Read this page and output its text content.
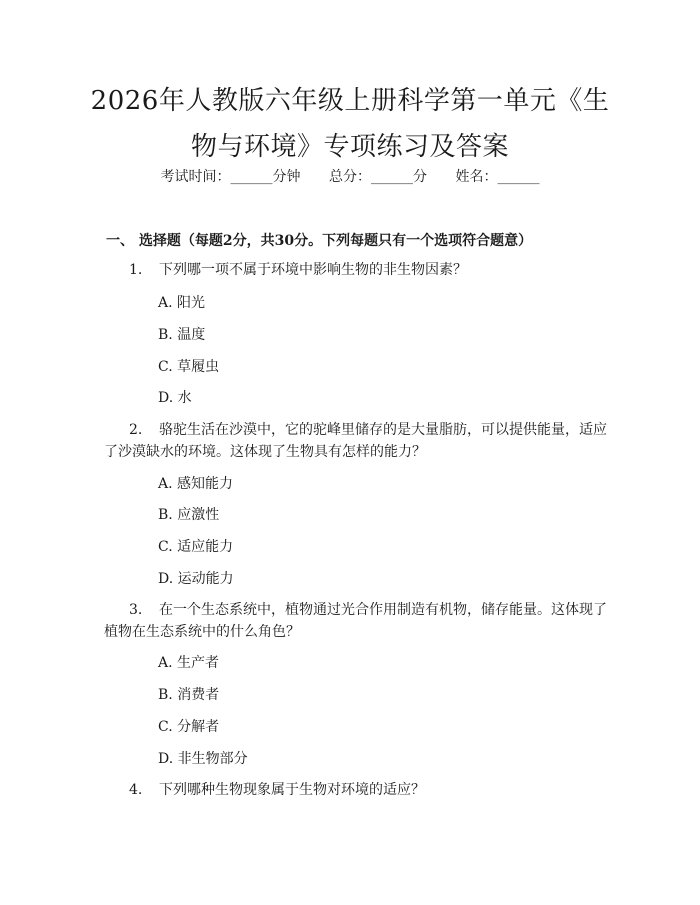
2026年人教版六年级上册科学第一单元《生
物与环境》专项练习及答案
考试时间：______分钟 总分：______分 姓名：______
一、 选择题（每题2分，共30分。下列每题只有一个选项符合题意）
1. 下列哪一项不属于环境中影响生物的非生物因素？
A. 阳光
B. 温度
C. 草履虫
D. 水
2. 骆驼生活在沙漠中，它的驼峰里储存的是大量脂肪，可以提供能量，适应
了沙漠缺水的环境。这体现了生物具有怎样的能力？
A. 感知能力
B. 应激性
C. 适应能力
D. 运动能力
3. 在一个生态系统中，植物通过光合作用制造有机物，储存能量。这体现了
植物在生态系统中的什么角色？
A. 生产者
B. 消费者
C. 分解者
D. 非生物部分
4. 下列哪种生物现象属于生物对环境的适应？
